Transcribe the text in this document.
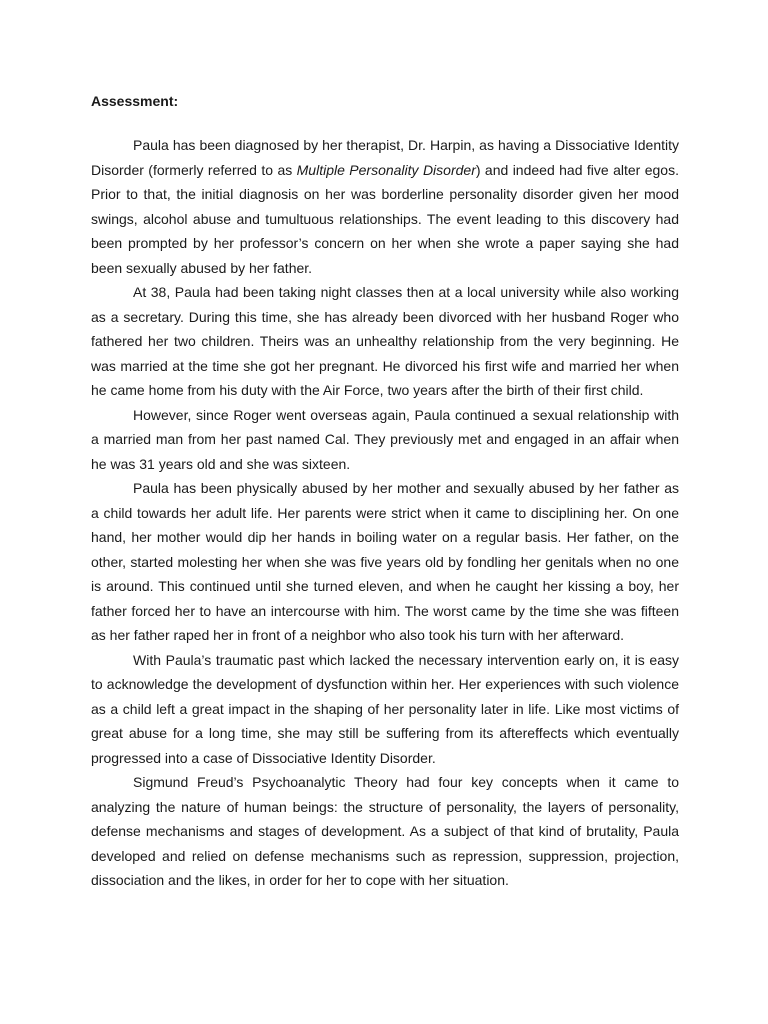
Assessment:

Paula has been diagnosed by her therapist, Dr. Harpin, as having a Dissociative Identity Disorder (formerly referred to as Multiple Personality Disorder) and indeed had five alter egos. Prior to that, the initial diagnosis on her was borderline personality disorder given her mood swings, alcohol abuse and tumultuous relationships. The event leading to this discovery had been prompted by her professor’s concern on her when she wrote a paper saying she had been sexually abused by her father.

At 38, Paula had been taking night classes then at a local university while also working as a secretary. During this time, she has already been divorced with her husband Roger who fathered her two children. Theirs was an unhealthy relationship from the very beginning. He was married at the time she got her pregnant. He divorced his first wife and married her when he came home from his duty with the Air Force, two years after the birth of their first child.

However, since Roger went overseas again, Paula continued a sexual relationship with a married man from her past named Cal. They previously met and engaged in an affair when he was 31 years old and she was sixteen.

Paula has been physically abused by her mother and sexually abused by her father as a child towards her adult life. Her parents were strict when it came to disciplining her. On one hand, her mother would dip her hands in boiling water on a regular basis. Her father, on the other, started molesting her when she was five years old by fondling her genitals when no one is around. This continued until she turned eleven, and when he caught her kissing a boy, her father forced her to have an intercourse with him. The worst came by the time she was fifteen as her father raped her in front of a neighbor who also took his turn with her afterward.

With Paula’s traumatic past which lacked the necessary intervention early on, it is easy to acknowledge the development of dysfunction within her. Her experiences with such violence as a child left a great impact in the shaping of her personality later in life. Like most victims of great abuse for a long time, she may still be suffering from its aftereffects which eventually progressed into a case of Dissociative Identity Disorder.

Sigmund Freud’s Psychoanalytic Theory had four key concepts when it came to analyzing the nature of human beings: the structure of personality, the layers of personality, defense mechanisms and stages of development. As a subject of that kind of brutality, Paula developed and relied on defense mechanisms such as repression, suppression, projection, dissociation and the likes, in order for her to cope with her situation.
